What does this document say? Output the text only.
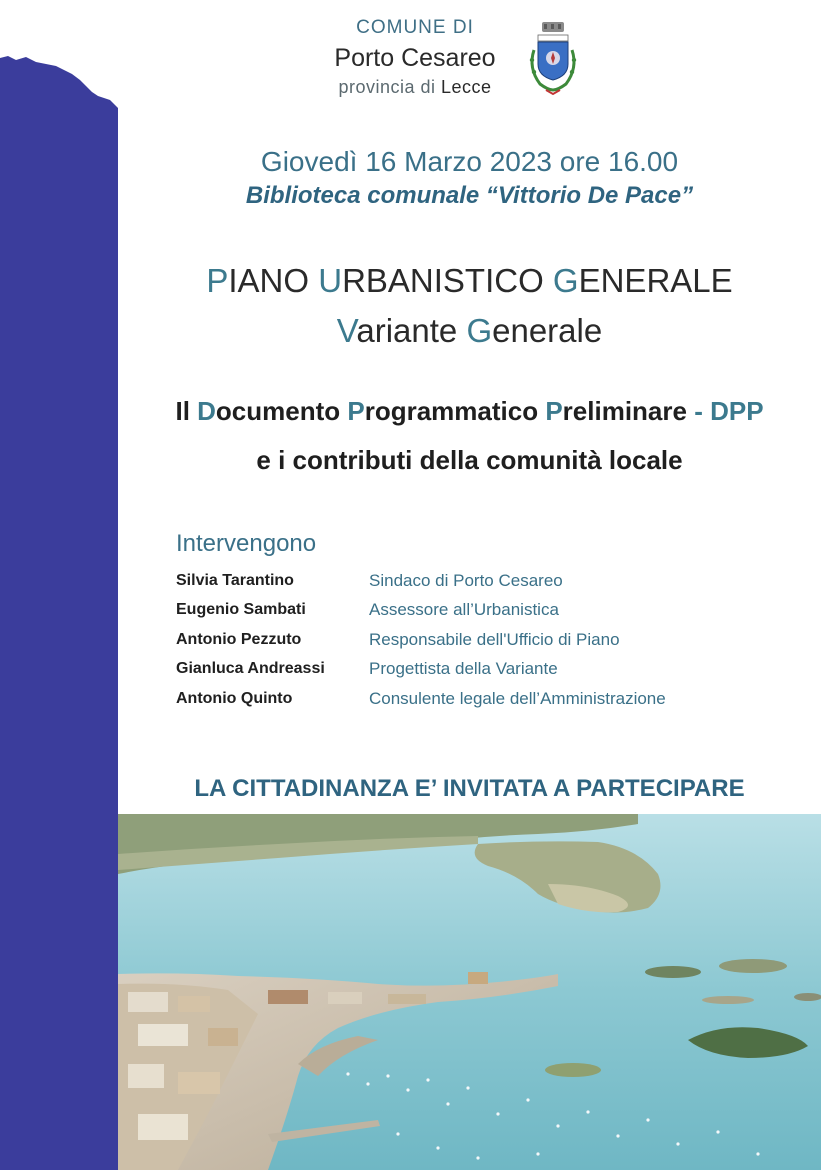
COMUNE DI
Porto Cesareo
provincia di Lecce
Giovedì 16 Marzo 2023 ore 16.00
Biblioteca comunale “Vittorio De Pace”
PIANO URBANISTICO GENERALE
Variante Generale
Il Documento Programmatico Preliminare - DPP
e i contributi della comunità locale
Intervengono
Silvia Tarantino	Sindaco di Porto Cesareo
Eugenio Sambati	Assessore all’Urbanistica
Antonio Pezzuto	Responsabile dell'Ufficio di Piano
Gianluca Andreassi	Progettista della Variante
Antonio Quinto	Consulente legale dell’Amministrazione
LA CITTADINANZA E’ INVITATA A PARTECIPARE
